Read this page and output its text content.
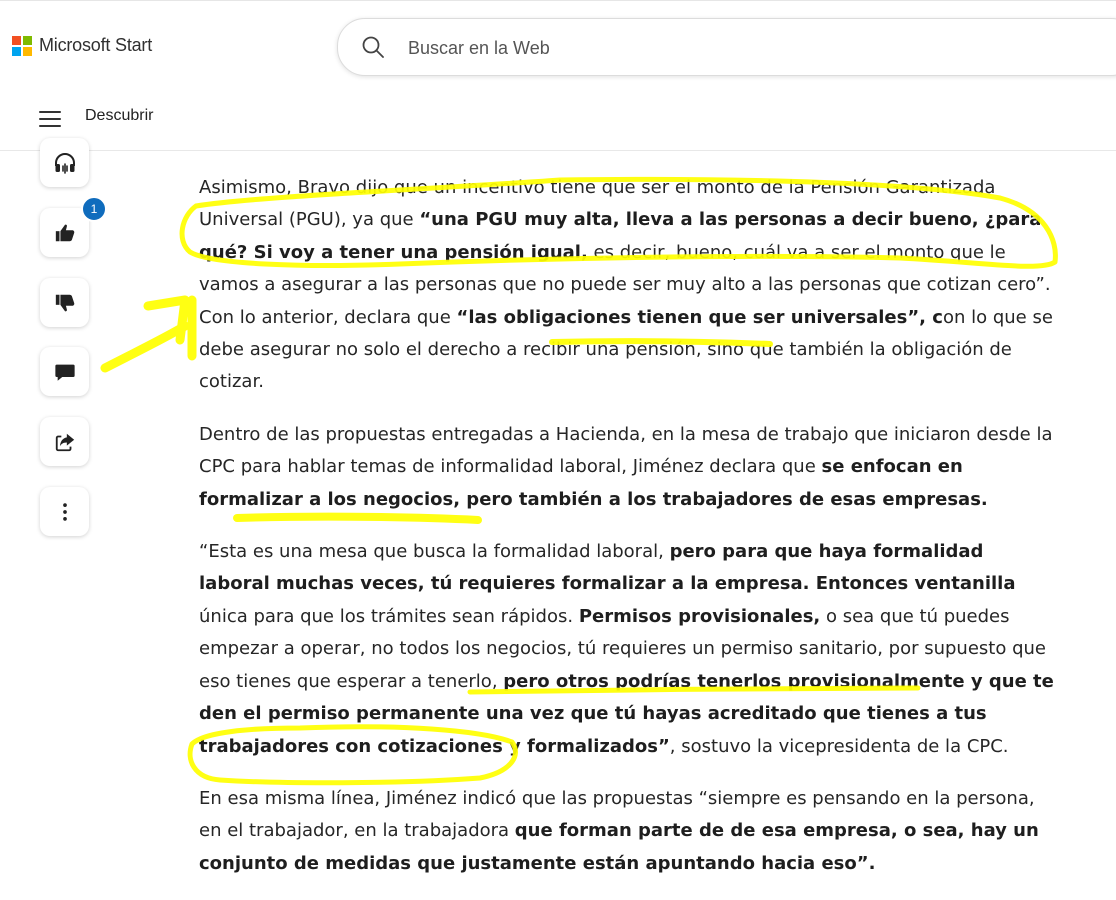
Microsoft Start
Buscar en la Web
Descubrir
1

Asimismo, Bravo dijo que un incentivo tiene que ser el monto de la Pensión Garantizada Universal (PGU), ya que “una PGU muy alta, lleva a las personas a decir bueno, ¿para qué? Si voy a tener una pensión igual, es decir, bueno, cuál va a ser el monto que le vamos a asegurar a las personas que no puede ser muy alto a las personas que cotizan cero”. Con lo anterior, declara que “las obligaciones tienen que ser universales”, con lo que se debe asegurar no solo el derecho a recibir una pensión, sino que también la obligación de cotizar.

Dentro de las propuestas entregadas a Hacienda, en la mesa de trabajo que iniciaron desde la CPC para hablar temas de informalidad laboral, Jiménez declara que se enfocan en formalizar a los negocios, pero también a los trabajadores de esas empresas.

“Esta es una mesa que busca la formalidad laboral, pero para que haya formalidad laboral muchas veces, tú requieres formalizar a la empresa. Entonces ventanilla única para que los trámites sean rápidos. Permisos provisionales, o sea que tú puedes empezar a operar, no todos los negocios, tú requieres un permiso sanitario, por supuesto que eso tienes que esperar a tenerlo, pero otros podrías tenerlos provisionalmente y que te den el permiso permanente una vez que tú hayas acreditado que tienes a tus trabajadores con cotizaciones y formalizados”, sostuvo la vicepresidenta de la CPC.

En esa misma línea, Jiménez indicó que las propuestas “siempre es pensando en la persona, en el trabajador, en la trabajadora que forman parte de de esa empresa, o sea, hay un conjunto de medidas que justamente están apuntando hacia eso”.
